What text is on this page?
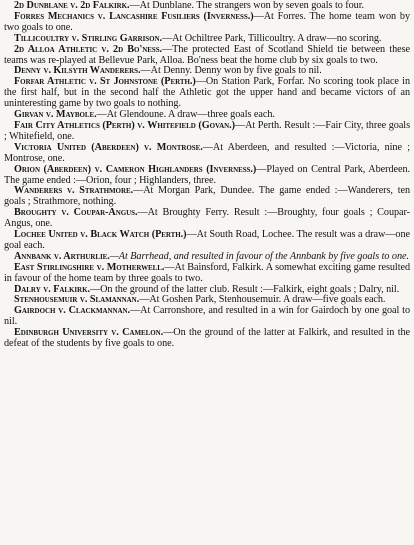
2d Dunblane v. 2d Falkirk.—At Dunblane. The strangers won by seven goals to four.

Forres Mechanics v. Lancashire Fusiliers (Inverness.)—At Forres. The home team won by two goals to one.

Tillicoultry v. Stirling Garrison.—At Ochiltree Park, Tillicoultry. A draw—no scoring.

2d Alloa Athletic v. 2d Bo'ness.—The protected East of Scotland Shield tie between these teams was re-played at Bellevue Park, Alloa. Bo'ness beat the home club by six goals to two.

Denny v. Kilsyth Wanderers.—At Denny. Denny won by five goals to nil.

Forfar Athletic v. St Johnstone (Perth.)—On Station Park, Forfar. No scoring took place in the first half, but in the second half the Athletic got the upper hand and became victors of an uninteresting game by two goals to nothing.

Girvan v. Maybole.—At Glendoune. A draw—three goals each.

Fair City Athletics (Perth) v. Whitefield (Govan.)—At Perth. Result :—Fair City, three goals ; Whitefield, one.

Victoria United (Aberdeen) v. Montrose.—At Aberdeen, and resulted :—Victoria, nine ; Montrose, one.

Orion (Aberdeen) v. Cameron Highlanders (Inverness.)—Played on Central Park, Aberdeen. The game ended :—Orion, four ; Highlanders, three.

Wanderers v. Strathmore.—At Morgan Park, Dundee. The game ended :—Wanderers, ten goals ; Strathmore, nothing.

Broughty v. Coupar-Angus.—At Broughty Ferry. Result :—Broughty, four goals ; Coupar-Angus, one.

Lochee United v. Black Watch (Perth.)—At South Road, Lochee. The result was a draw—one goal each.

Annbank v. Arthurlie.—At Barrhead, and resulted in favour of the Annbank by five goals to one.

East Stirlingshire v. Motherwell.—At Bainsford, Falkirk. A somewhat exciting game resulted in favour of the home team by three goals to two.

Dalry v. Falkirk.—On the ground of the latter club. Result :—Falkirk, eight goals ; Dalry, nil.

Stenhousemuir v. Slamannan.—At Goshen Park, Stenhousemuir. A draw—five goals each.

Gairdoch v. Clackmannan.—At Carronshore, and resulted in a win for Gairdoch by one goal to nil.

Edinburgh University v. Camelon.—On the ground of the latter at Falkirk, and resulted in the defeat of the students by five goals to one.
